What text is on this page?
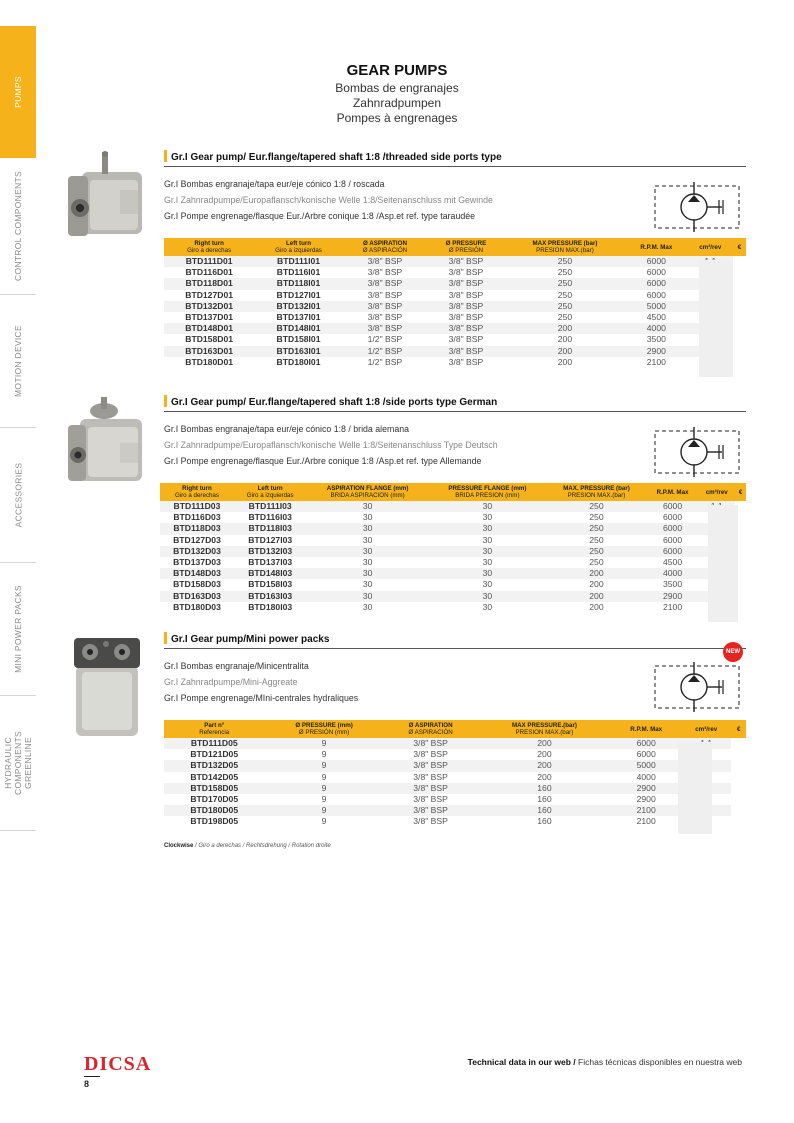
PUMPS
CONTROL COMPONENTS
MOTION DEVICE
ACCESSORIES
MINI POWER PACKS
HYDRAULIC COMPONENTS GREENLINE
GEAR PUMPS
Bombas de engranajes
Zahnradpumpen
Pompes à engrenages
Gr.I Gear pump/ Eur.flange/tapered shaft 1:8 /threaded side ports type
Gr.I Bombas engranaje/tapa eur/eje cónico 1:8 / roscada
Gr.I Zahnradpumpe/Europaflansch/konische Welle 1:8/Seitenanschluss mit Gewinde
Gr.I Pompe engrenage/flasque Eur./Arbre conique 1:8 /Asp.et ref. type taraudée
Right turn
Giro a derechas	Left turn
Giro a izquierdas	Ø ASPIRATION
Ø ASPIRACIÓN	Ø PRESSURE
Ø PRESIÓN	MAX PRESSURE (bar)
PRESION MAX.(bar)	R.P.M. Max	cm³/rev	€
BTD111D01	BTD111I01	3/8" BSP	3/8" BSP	250	6000		
BTD116D01	BTD116I01	3/8" BSP	3/8" BSP	250	6000		
BTD118D01	BTD118I01	3/8" BSP	3/8" BSP	250	6000		
BTD127D01	BTD127I01	3/8" BSP	3/8" BSP	250	6000		
BTD132D01	BTD132I01	3/8" BSP	3/8" BSP	250	5000		
BTD137D01	BTD137I01	3/8" BSP	3/8" BSP	250	4500		
BTD148D01	BTD148I01	3/8" BSP	3/8" BSP	200	4000		
BTD158D01	BTD158I01	1/2" BSP	3/8" BSP	200	3500		
BTD163D01	BTD163I01	1/2" BSP	3/8" BSP	200	2900		
BTD180D01	BTD180I01	1/2" BSP	3/8" BSP	200	2100		
Gr.I Gear pump/ Eur.flange/tapered shaft 1:8 /side ports type German
Gr.I Bombas engranaje/tapa eur/eje cónico 1:8 / brida alemana
Gr.I Zahnradpumpe/Europaflansch/konische Welle 1:8/Seitenanschluss Type Deutsch
Gr.I Pompe engrenage/flasque Eur./Arbre conique 1:8 /Asp.et ref. type Allemande
Right turn
Giro a derechas	Left turn
Giro a izquierdas	ASPIRATION FLANGE (mm)
BRIDA ASPIRACION (mm)	PRESSURE FLANGE (mm)
BRIDA PRESION (mm)	MAX. PRESSURE (bar)
PRESION MAX.(bar)	R.P.M. Max	cm³/rev	€
BTD111D03	BTD111I03	30	30	250	6000		
BTD116D03	BTD116I03	30	30	250	6000		
BTD118D03	BTD118I03	30	30	250	6000		
BTD127D03	BTD127I03	30	30	250	6000		
BTD132D03	BTD132I03	30	30	250	6000		
BTD137D03	BTD137I03	30	30	250	4500		
BTD148D03	BTD148I03	30	30	200	4000		
BTD158D03	BTD158I03	30	30	200	3500		
BTD163D03	BTD163I03	30	30	200	2900		
BTD180D03	BTD180I03	30	30	200	2100		
Gr.I Gear pump/Mini power packs
NEW
Gr.I Bombas engranaje/Minicentralita
Gr.I Zahnradpumpe/Mini-Aggreate
Gr.I Pompe engrenage/MIni-centrales hydraliques
Part n°
Referencia	Ø PRESSURE (mm)
Ø PRESIÓN (mm)	Ø ASPIRATION
Ø ASPIRACIÓN	MAX PRESSURE.(bar)
PRESION MAX.(bar)	R.P.M. Max	cm³/rev	€
BTD111D05	9	3/8" BSP	200	6000		
BTD121D05	9	3/8" BSP	200	6000		
BTD132D05	9	3/8" BSP	200	5000		
BTD142D05	9	3/8" BSP	200	4000		
BTD158D05	9	3/8" BSP	160	2900		
BTD170D05	9	3/8" BSP	160	2900		
BTD180D05	9	3/8" BSP	160	2100		
BTD198D05	9	3/8" BSP	160	2100		
Clockwise / Giro a derechas / Rechtsdrehung / Rotation droite
DICSA
8
Technical data in our web / Fichas técnicas disponibles en nuestra web
